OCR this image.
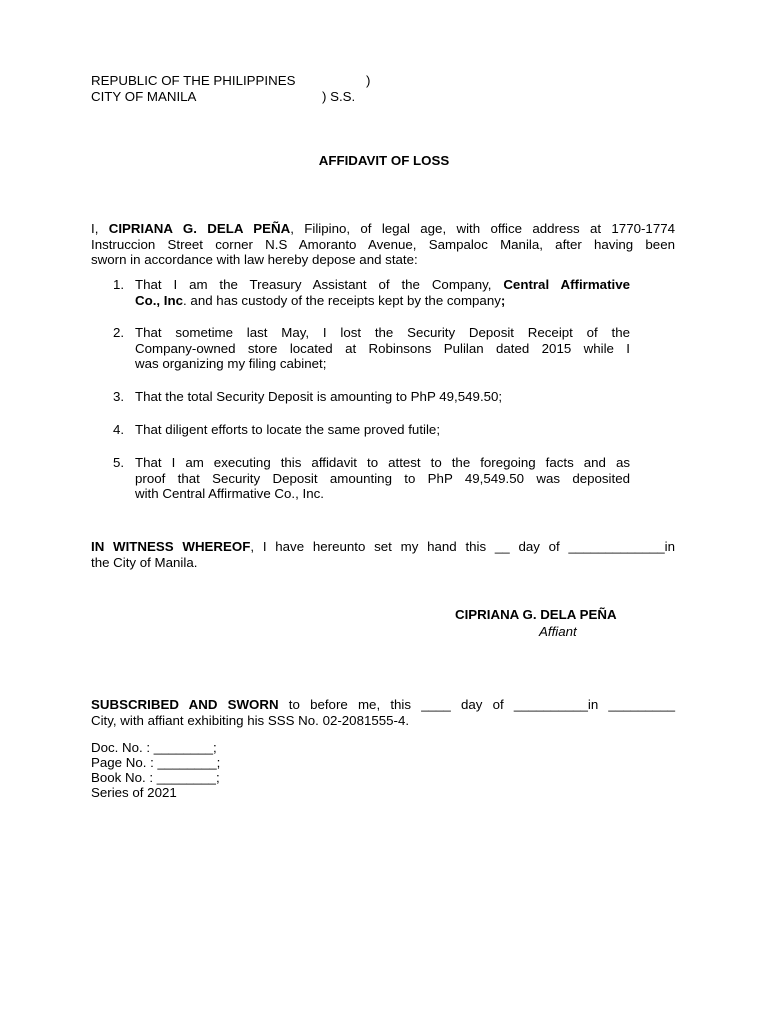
REPUBLIC OF THE PHILIPPINES	)
CITY OF MANILA	) S.S.
AFFIDAVIT OF LOSS
I, CIPRIANA G. DELA PEÑA, Filipino, of legal age, with office address at 1770-1774
Instruccion Street corner N.S Amoranto Avenue, Sampaloc Manila, after having been
sworn in accordance with law hereby depose and state:
1. That I am the Treasury Assistant of the Company, Central Affirmative
Co., Inc. and has custody of the receipts kept by the company;
2. That sometime last May, I lost the Security Deposit Receipt of the
Company-owned store located at Robinsons Pulilan dated 2015 while I
was organizing my filing cabinet;
3. That the total Security Deposit is amounting to PhP 49,549.50;
4. That diligent efforts to locate the same proved futile;
5. That I am executing this affidavit to attest to the foregoing facts and as
proof that Security Deposit amounting to PhP 49,549.50 was deposited
with Central Affirmative Co., Inc.
IN WITNESS WHEREOF, I have hereunto set my hand this __ day of _____________in
the City of Manila.
CIPRIANA G. DELA PEÑA
Affiant
SUBSCRIBED AND SWORN to before me, this ____ day of __________in _________
City, with affiant exhibiting his SSS No. 02-2081555-4.
Doc. No. : ________;
Page No. : ________;
Book No. : ________;
Series of 2021
